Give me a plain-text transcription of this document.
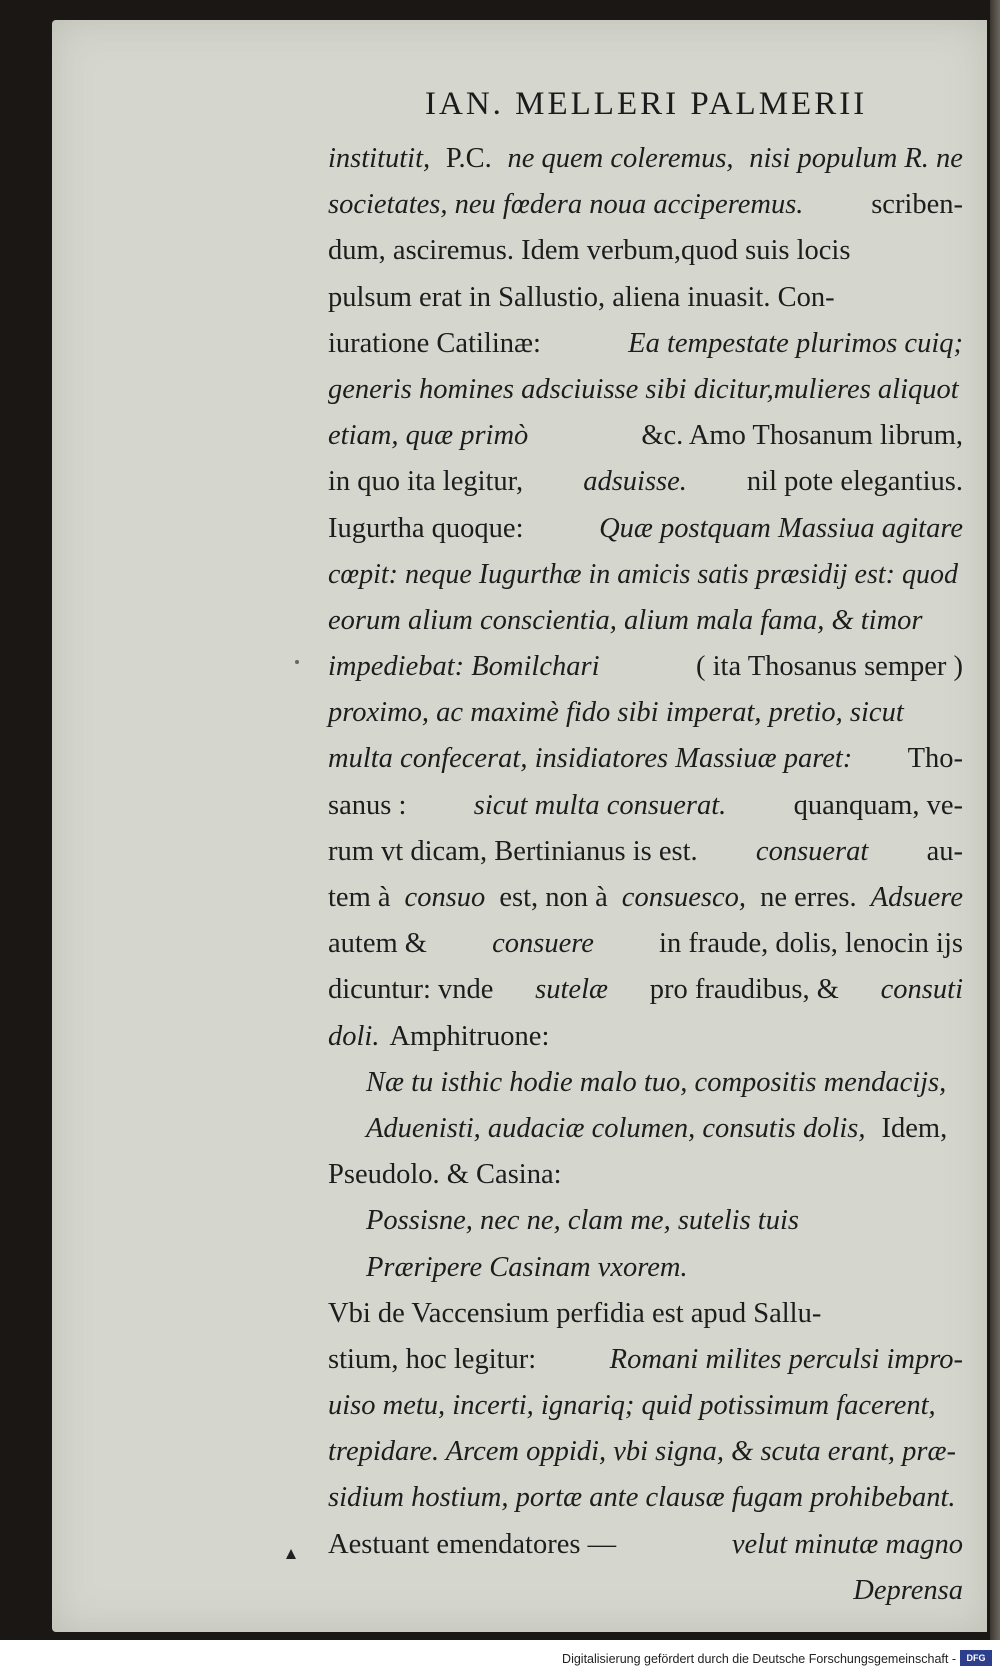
IAN. MELLERI PALMERII
institutit, P.C. ne quem coleremus, nisi populum R. ne
societates, neu fœdera noua acciperemus. scriben-
dum, asciremus. Idem verbum,quod suis locis
pulsum erat in Sallustio, aliena inuasit. Con-
iuratione Catilinæ:	Ea tempestate plurimos cuiq;
generis homines adsciuisse sibi dicitur,mulieres aliquot
etiam, quæ primò	&c. Amo Thosanum librum,
in quo ita legitur, adsuisse. nil pote elegantius.
Iugurtha quoque:	Quæ postquam Massiua agitare
cœpit: neque Iugurthæ in amicis satis præsidij est: quod
eorum alium conscientia, alium mala fama, & timor
impediebat: Bomilchari	( ita Thosanus semper )
proximo, ac maximè fido sibi imperat, pretio, sicut
multa confecerat, insidiatores Massiuæ paret: Tho-
sanus : sicut multa consuerat. quanquam, ve-
rum vt dicam, Bertinianus is est. consuerat au-
tem à consuo est, non à consuesco, ne erres. Adsuere
autem & consuere in fraude, dolis, lenocin ijs
dicuntur: vnde sutelæ pro fraudibus, & consuti
doli. Amphitruone:
Næ tu isthic hodie malo tuo, compositis mendacijs,
Aduenisti, audaciæ columen, consutis dolis, Idem,
Pseudolo. & Casina:
Possisne, nec ne, clam me, sutelis tuis
Præripere Casinam vxorem.
Vbi de Vaccensium perfidia est apud Sallu-
stium, hoc legitur:	Romani milites perculsi impro-
uiso metu, incerti, ignariq; quid potissimum facerent,
trepidare. Arcem oppidi, vbi signa, & scuta erant, præ-
sidium hostium, portæ ante clausæ fugam prohibebant.
Aestuant emendatores —	velut minutæ magno
Deprensa
Digitalisierung gefördert durch die Deutsche Forschungsgemeinschaft -	DFG
